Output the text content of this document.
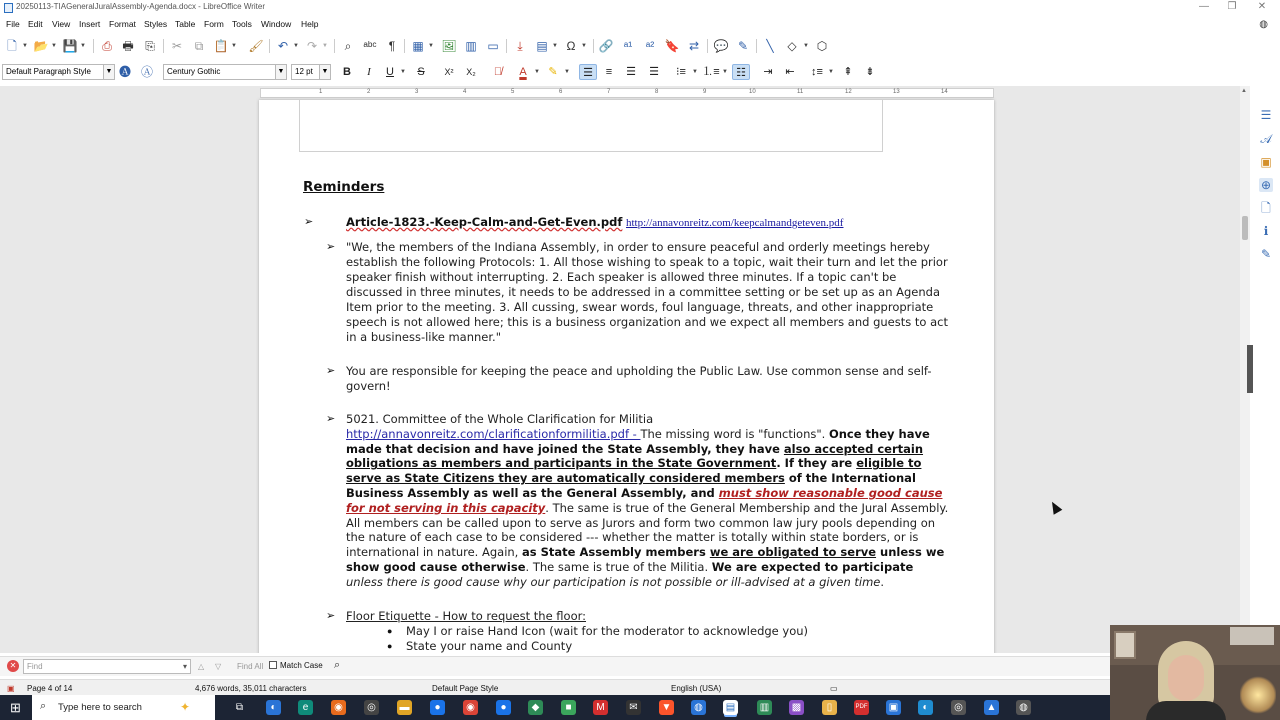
20250113-TIAGeneralJuralAssembly-Agenda.docx - LibreOffice Writer	—	❐	✕
File Edit View Insert Format Styles Table Form Tools Window Help	◍
🗋 ▼ 📂 ▼ 💾 ▼ ⎙ 🖶 ⎘ ✂	⧉ 📋 ▼ 🖌 ↶ ▼ ↷ ▼	⌕	ᵃᵇᶜ	¶	▦ ▼ 🖼 ▥ ▭	⤓	▤ ▼ Ω ▼ 🔗 ᵃ¹	ᵃ² 🔖 ⇄ 💬 ✎	╲	◇	▼ ⬡
Default Paragraph Style	▼ 🅐 Ⓐ	Century Gothic	▼	12 pt	▼	B	I	U	▼	S	X²	X₂	Ａ̸	A	▼ ✎	▼	☰	≡	☰	☰	⁝≡	▼ ⒈≡ ▼ ☷	⇥	⇤	↕≡ ▼ ⇞	⇟
1	2	3	4	5	6	7	8	9	10	11	12	13	14
Reminders
➢	Article-1823.-Keep-Calm-and-Get-Even.pdf http://annavonreitz.com/keepcalmandgeteven.pdf
➢ "We, the members of the Indiana Assembly, in order to ensure peaceful and orderly meetings hereby establish the following Protocols: 1. All those wishing to speak to a topic, wait their turn and let the prior speaker finish without interrupting. 2. Each speaker is allowed three minutes. If a topic can't be discussed in three minutes, it needs to be addressed in a committee setting or be set up as an Agenda Item prior to the meeting. 3. All cussing, swear words, foul language, threats, and other inappropriate speech is not allowed here; this is a business organization and we expect all members and guests to act in a business-like manner."
➢ You are responsible for keeping the peace and upholding the Public Law. Use common sense and self-govern!
➢ 5021. Committee of the Whole Clarification for Militia
http://annavonreitz.com/clarificationformilitia.pdf - The missing word is "functions". Once they have made that decision and have joined the State Assembly, they have also accepted certain obligations as members and participants in the State Government. If they are eligible to serve as State Citizens they are automatically considered members of the International Business Assembly as well as the General Assembly, and must show reasonable good cause for not serving in this capacity. The same is true of the General Membership and the Jural Assembly. All members can be called upon to serve as Jurors and form two common law jury pools depending on the nature of each case to be considered --- whether the matter is totally within state borders, or is international in nature. Again, as State Assembly members we are obligated to serve unless we show good cause otherwise. The same is true of the Militia. We are expected to participate unless there is good cause why our participation is not possible or ill-advised at a given time.
➢ Floor Etiquette - How to request the floor:
● May I or raise Hand Icon (wait for the moderator to acknowledge you)
● State your name and County
▲
☰
𝒜
▣
⊕
🗋
ℹ
✎
✕	Find	▾ △ ▽ Find All	Match Case ⌕
▣ Page 4 of 14	4,676 words, 35,011 characters	Default Page Style	English (USA)	▭
⊞ ⌕ Type here to search	✦	⧉	◐	e	◉	◎	▬	●	◉	●	◆	■	M	✉	▼	◍	▤ ▥ ▩	▯	PDF ▣	◐	◎	▲	◍
